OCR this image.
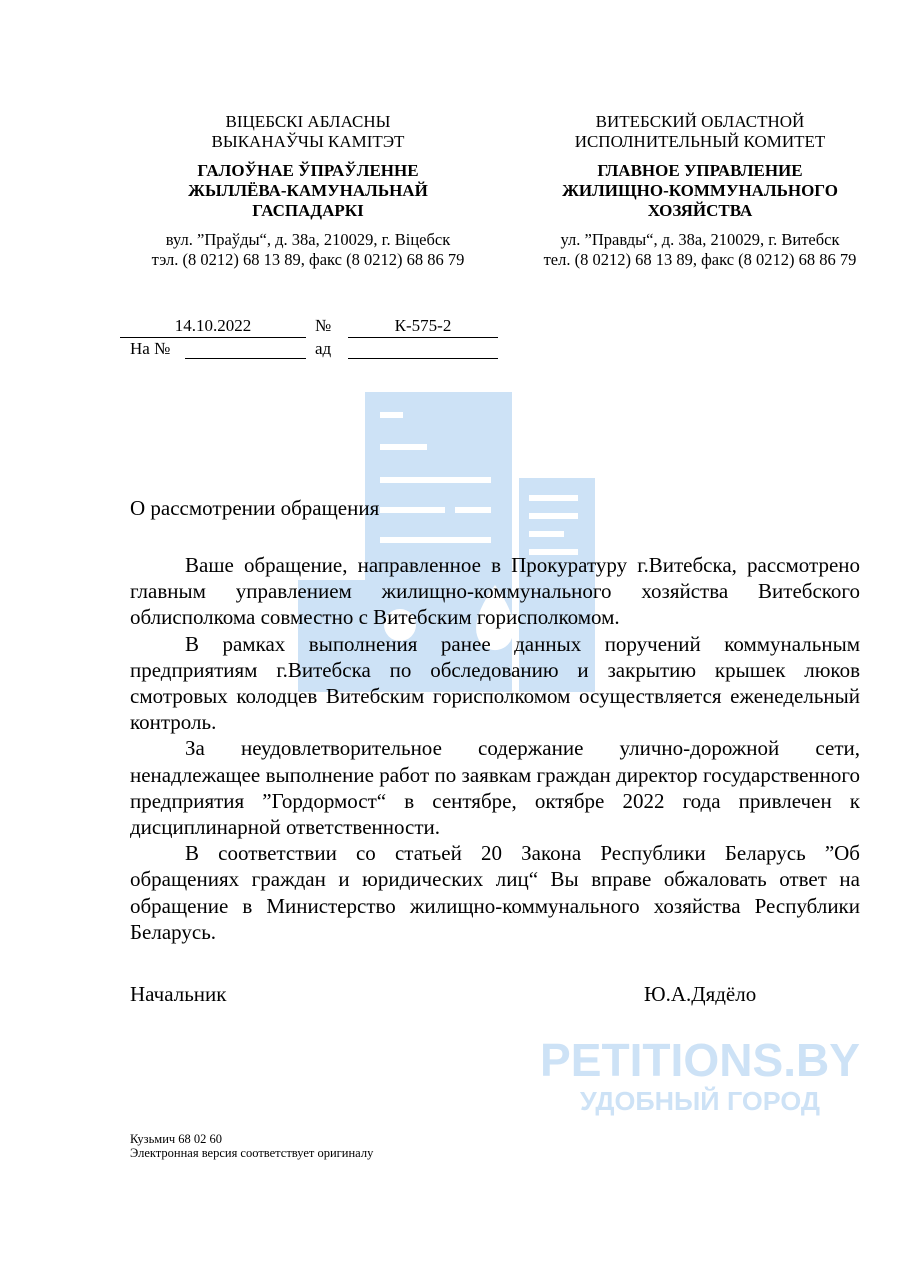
PETITIONS.BY
УДОБНЫЙ ГОРОД
ВІЦЕБСКІ АБЛАСНЫ
ВЫКАНАЎЧЫ КАМІТЭТ
ГАЛОЎНАЕ ЎПРАЎЛЕННЕ
ЖЫЛЛЁВА-КАМУНАЛЬНАЙ
ГАСПАДАРКІ
вул. ”Праўды“, д. 38а, 210029, г. Віцебск
тэл. (8 0212) 68 13 89, факс (8 0212) 68 86 79
ВИТЕБСКИЙ ОБЛАСТНОЙ
ИСПОЛНИТЕЛЬНЫЙ КОМИТЕТ
ГЛАВНОЕ УПРАВЛЕНИЕ
ЖИЛИЩНО-КОММУНАЛЬНОГО
ХОЗЯЙСТВА
ул. ”Правды“, д. 38а, 210029, г. Витебск
тел. (8 0212) 68 13 89, факс (8 0212) 68 86 79
14.10.2022	№	К-575-2
На №	ад
О рассмотрении обращения

Ваше обращение, направленное в Прокуратуру г.Витебска, рассмотрено главным управлением жилищно-коммунального хозяйства Витебского облисполкома совместно с Витебским горисполкомом.

В рамках выполнения ранее данных поручений коммунальным предприятиям г.Витебска по обследованию и закрытию крышек люков смотровых колодцев Витебским горисполкомом осуществляется еженедельный контроль.

За неудовлетворительное содержание улично-дорожной сети, ненадлежащее выполнение работ по заявкам граждан директор государственного предприятия ”Гордормост“ в сентябре, октябре 2022 года привлечен к дисциплинарной ответственности.

В соответствии со статьей 20 Закона Республики Беларусь ”Об обращениях граждан и юридических лиц“ Вы вправе обжаловать ответ на обращение в Министерство жилищно-коммунального хозяйства Республики Беларусь.

Начальник	Ю.А.Дядёло
Кузьмич 68 02 60
Электронная версия соответствует оригиналу
